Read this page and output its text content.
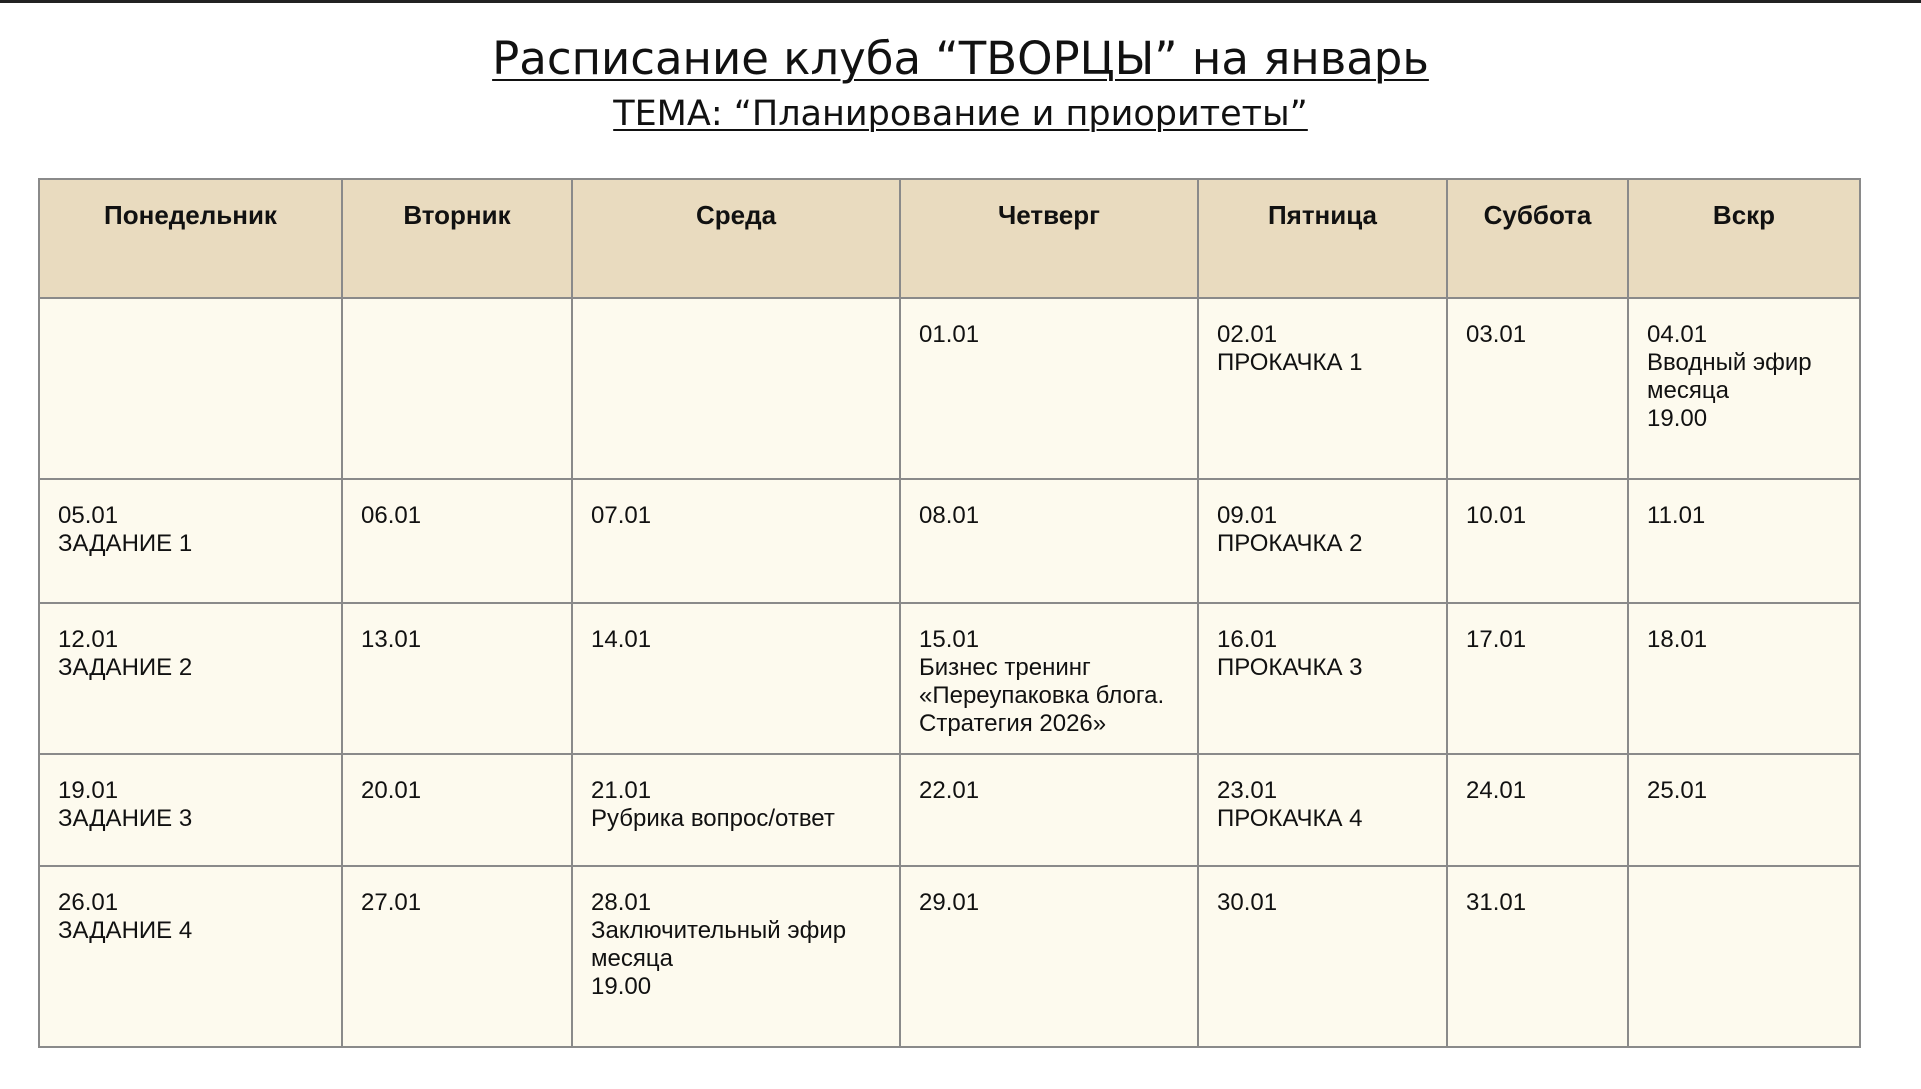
Расписание клуба “ТВОРЦЫ” на январь
ТЕМА: “Планирование и приоритеты”
Понедельник	Вторник	Среда	Четверг	Пятница	Суббота	Вскр

			01.01	02.01
ПРОКАЧКА 1	03.01	04.01
Вводный эфир
месяца
19.00

05.01
ЗАДАНИЕ 1	06.01	07.01	08.01	09.01
ПРОКАЧКА 2	10.01	11.01

12.01
ЗАДАНИЕ 2	13.01	14.01	15.01
Бизнес тренинг
«Переупаковка блога.
Стратегия 2026»	16.01
ПРОКАЧКА 3	17.01	18.01

19.01
ЗАДАНИЕ 3	20.01	21.01
Рубрика вопрос/ответ	22.01	23.01
ПРОКАЧКА 4	24.01	25.01

26.01
ЗАДАНИЕ 4	27.01	28.01
Заключительный эфир
месяца
19.00	29.01	30.01	31.01	
